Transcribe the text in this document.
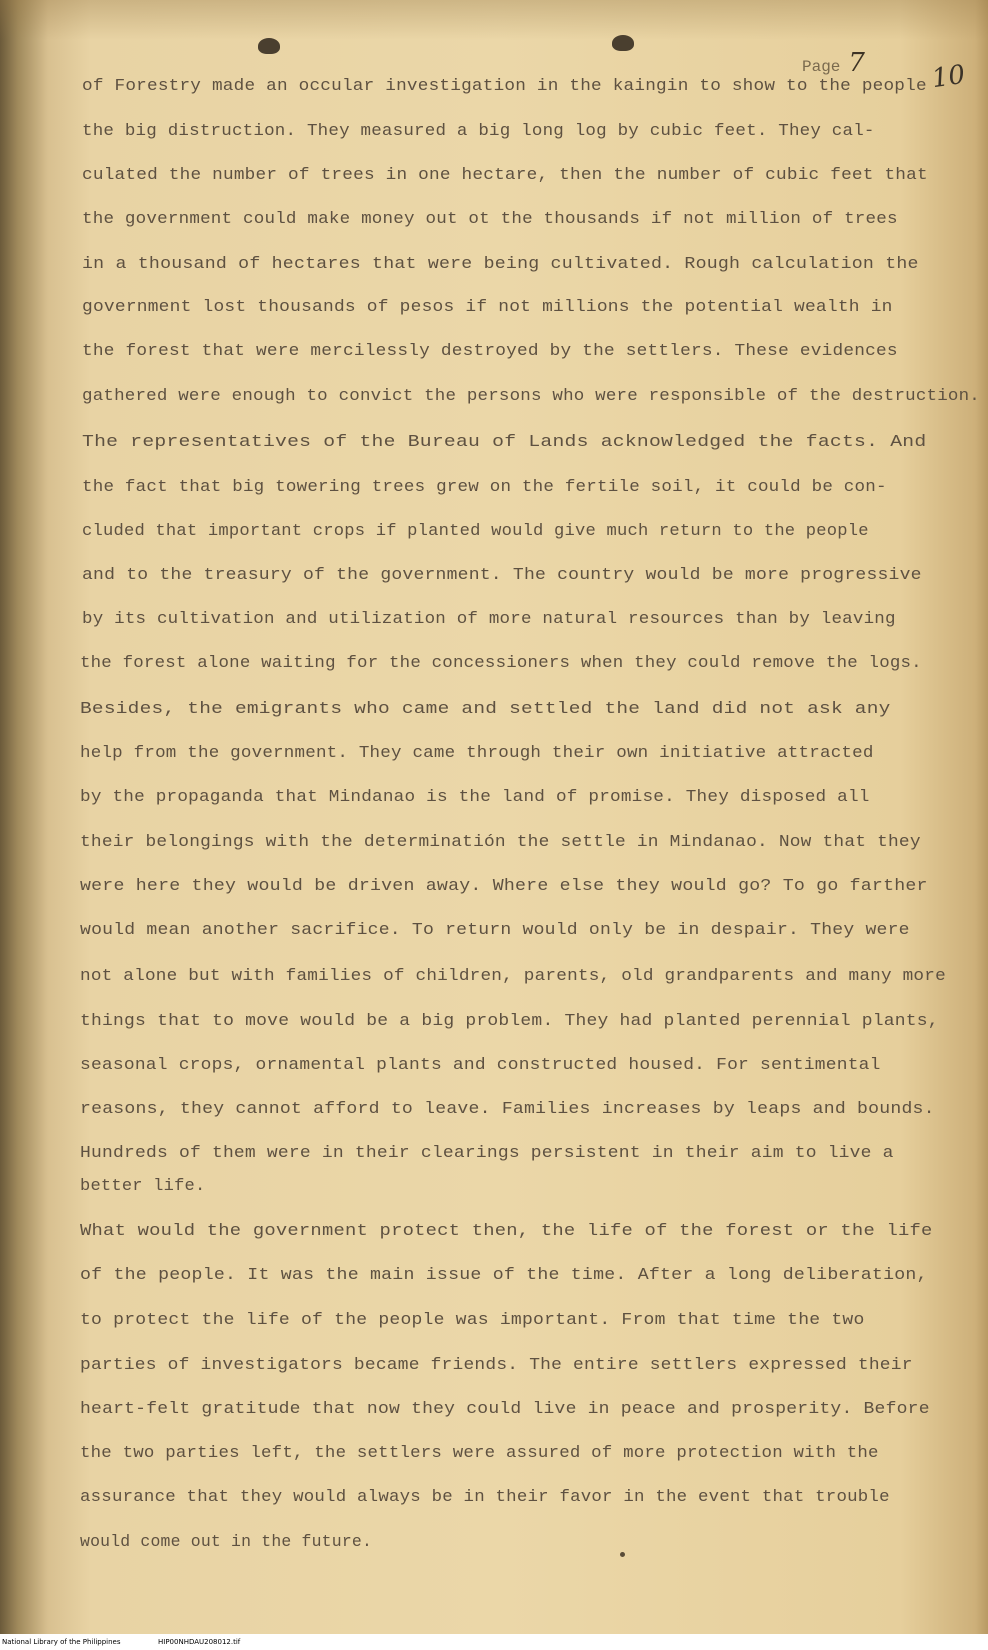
Page 7	10
of Forestry made an occular investigation in the kaingin to show to the people
the big distruction. They measured a big long log by cubic feet. They cal-
culated the number of trees in one hectare, then the number of cubic feet that
the government could make money out ot the thousands if not million of trees
in a thousand of hectares that were being cultivated. Rough calculation the
government lost thousands of pesos if not millions the potential wealth in
the forest that were mercilessly destroyed by the settlers. These evidences
gathered were enough to convict the persons who were responsible of the destruction.
The representatives of the Bureau of Lands acknowledged the facts. And
the fact that big towering trees grew on the fertile soil, it could be con-
cluded that important crops if planted would give much return to the people
and to the treasury of the government. The country would be more progressive
by its cultivation and utilization of more natural resources than by leaving
the forest alone waiting for the concessioners when they could remove the logs.
Besides, the emigrants who came and settled the land did not ask any
help from the government. They came through their own initiative attracted
by the propaganda that Mindanao is the land of promise. They disposed all
their belongings with the determinatión the settle in Mindanao. Now that they
were here they would be driven away. Where else they would go? To go farther
would mean another sacrifice. To return would only be in despair. They were
not alone but with families of children, parents, old grandparents and many more
things that to move would be a big problem. They had planted perennial plants,
seasonal crops, ornamental plants and constructed housed. For sentimental
reasons, they cannot afford to leave. Families increases by leaps and bounds.
Hundreds of them were in their clearings persistent in their aim to live a
better life.
What would the government protect then, the life of the forest or the life
of the people. It was the main issue of the time. After a long deliberation,
to protect the life of the people was important. From that time the two
parties of investigators became friends. The entire settlers expressed their
heart-felt gratitude that now they could live in peace and prosperity. Before
the two parties left, the settlers were assured of more protection with the
assurance that they would always be in their favor in the event that trouble
would come out in the future.
National Library of the Philippines	HIP00NHDAU208012.tif
